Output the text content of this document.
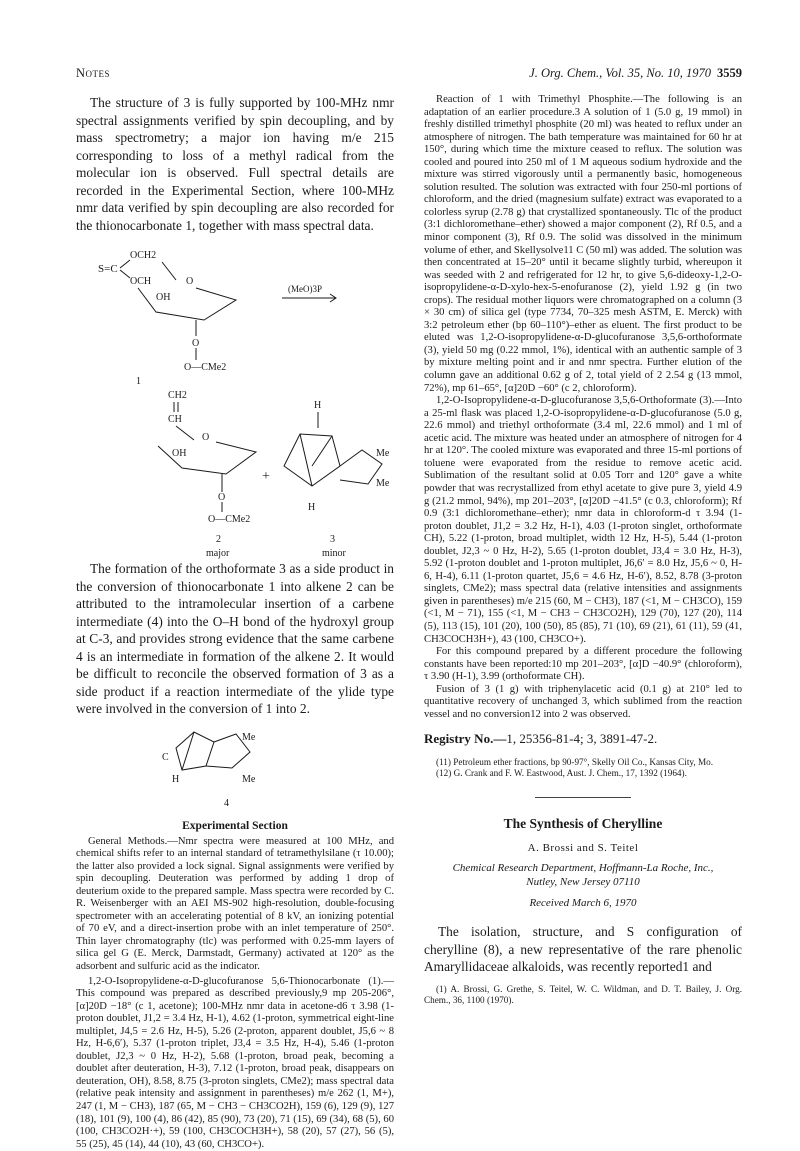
Notes	J. Org. Chem., Vol. 35, No. 10, 1970 3559

The structure of 3 is fully supported by 100-MHz nmr spectral assignments verified by spin decoupling, and by mass spectrometry; a major ion having m/e 215 corresponding to loss of a methyl radical from the molecular ion is observed. Full spectral details are recorded in the Experimental Section, where 100-MHz nmr data verified by spin decoupling are also recorded for the thionocarbonate 1, together with mass spectral data.

S=C
OCH2
OCH	O
OH
O
O—CMe2
1
(MeO)3P
CH2
CH
O
OH
O
O—CMe2
+
2
major
H
Me
Me
H
3
minor

The formation of the orthoformate 3 as a side product in the conversion of thionocarbonate 1 into alkene 2 can be attributed to the intramolecular insertion of a carbene intermediate (4) into the O–H bond of the hydroxyl group at C-3, and provides strong evidence that the same carbene 4 is an intermediate in formation of the alkene 2. It would be difficult to reconcile the observed formation of 3 as a side product if a reaction intermediate of the ylide type were involved in the conversion of 1 into 2.

Me
Me
C
H
4

Experimental Section

General Methods.—Nmr spectra were measured at 100 MHz, and chemical shifts refer to an internal standard of tetramethylsilane (τ 10.00); the latter also provided a lock signal. Signal assignments were verified by spin decoupling. Deuteration was performed by adding 1 drop of deuterium oxide to the prepared sample. Mass spectra were recorded by C. R. Weisenberger with an AEI MS-902 high-resolution, double-focusing spectrometer with an accelerating potential of 8 kV, an ionizing potential of 70 eV, and a direct-insertion probe with an inlet temperature of 250°. Thin layer chromatography (tlc) was performed with 0.25-mm layers of silica gel G (E. Merck, Darmstadt, Germany) activated at 120° as the adsorbent and sulfuric acid as the indicator.

1,2-O-Isopropylidene-α-D-glucofuranose 5,6-Thionocarbonate (1).—This compound was prepared as described previously,9 mp 205-206°, [α]20D −18° (c 1, acetone); 100-MHz nmr data in acetone-d6 τ 3.98 (1-proton doublet, J1,2 = 3.4 Hz, H-1), 4.62 (1-proton, symmetrical eight-line multiplet, J4,5 = 2.6 Hz, H-5), 5.26 (2-proton, apparent doublet, J5,6 ~ 8 Hz, H-6,6′), 5.37 (1-proton triplet, J3,4 = 3.5 Hz, H-4), 5.46 (1-proton doublet, J2,3 ~ 0 Hz, H-2), 5.68 (1-proton, broad peak, becoming a doublet after deuteration, H-3), 7.12 (1-proton, broad peak, disappears on deuteration, OH), 8.58, 8.75 (3-proton singlets, CMe2); mass spectral data (relative peak intensity and assignment in parentheses) m/e 262 (1, M+), 247 (1, M − CH3), 187 (65, M − CH3 − CH3CO2H), 159 (6), 129 (9), 127 (18), 101 (9), 100 (4), 86 (42), 85 (90), 73 (20), 71 (15), 69 (34), 68 (5), 60 (100, CH3CO2H·+), 59 (100, CH3COCH3H+), 58 (20), 57 (27), 56 (5), 55 (25), 45 (14), 44 (10), 43 (60, CH3CO+).

Reaction of 1 with Trimethyl Phosphite.—The following is an adaptation of an earlier procedure.3 A solution of 1 (5.0 g, 19 mmol) in freshly distilled trimethyl phosphite (20 ml) was heated to reflux under an atmosphere of nitrogen. The bath temperature was maintained for 60 hr at 150°, during which time the mixture ceased to reflux. The solution was cooled and poured into 250 ml of 1 M aqueous sodium hydroxide and the mixture was stirred vigorously until a permanently basic, homogeneous solution resulted. The solution was extracted with four 250-ml portions of chloroform, and the dried (magnesium sulfate) extract was evaporated to a colorless syrup (2.78 g) that crystallized spontaneously. Tlc of the product (3:1 dichloromethane–ether) showed a major component (2), Rf 0.5, and a minor component (3), Rf 0.9. The solid was dissolved in the minimum volume of ether, and Skellysolve11 C (50 ml) was added. The solution was then concentrated at 15–20° until it became slightly turbid, whereupon it was seeded with 2 and refrigerated for 12 hr, to give 5,6-dideoxy-1,2-O-isopropylidene-α-D-xylo-hex-5-enofuranose (2), yield 1.92 g (in two crops). The residual mother liquors were chromatographed on a column (3 × 30 cm) of silica gel (type 7734, 70–325 mesh ASTM, E. Merck) with 3:2 petroleum ether (bp 60–110°)–ether as eluent. The first product to be eluted was 1,2-O-isopropylidene-α-D-glucofuranose 3,5,6-orthoformate (3), yield 50 mg (0.22 mmol, 1%), identical with an authentic sample of 3 by mixture melting point and ir and nmr spectra. Further elution of the column gave an additional 0.62 g of 2, total yield of 2 2.54 g (13 mmol, 72%), mp 61–65°, [α]20D −60° (c 2, chloroform).

1,2-O-Isopropylidene-α-D-glucofuranose 3,5,6-Orthoformate (3).—Into a 25-ml flask was placed 1,2-O-isopropylidene-α-D-glucofuranose (5.0 g, 22.6 mmol) and triethyl orthoformate (3.4 ml, 22.6 mmol) and 1 ml of acetic acid. The mixture was heated under an atmosphere of nitrogen for 4 hr at 120°. The cooled mixture was evaporated and three 15-ml portions of toluene were evaporated from the residue to remove acetic acid. Sublimation of the resultant solid at 0.05 Torr and 120° gave a white powder that was recrystallized from ethyl acetate to give pure 3, yield 4.9 g (21.2 mmol, 94%), mp 201–203°, [α]20D −41.5° (c 0.3, chloroform); Rf 0.9 (3:1 dichloromethane–ether); nmr data in chloroform-d τ 3.94 (1-proton doublet, J1,2 = 3.2 Hz, H-1), 4.03 (1-proton singlet, orthoformate CH), 5.22 (1-proton, broad multiplet, width 12 Hz, H-5), 5.44 (1-proton doublet, J2,3 ~ 0 Hz, H-2), 5.65 (1-proton doublet, J3,4 = 3.0 Hz, H-3), 5.92 (1-proton doublet and 1-proton multiplet, J6,6′ = 8.0 Hz, J5,6 ~ 0, H-6, H-4), 6.11 (1-proton quartet, J5,6 = 4.6 Hz, H-6′), 8.52, 8.78 (3-proton singlets, CMe2); mass spectral data (relative intensities and assignments given in parentheses) m/e 215 (60, M − CH3), 187 (<1, M − CH3CO), 159 (<1, M − 71), 155 (<1, M − CH3 − CH3CO2H), 129 (70), 127 (20), 114 (5), 113 (15), 101 (20), 100 (50), 85 (85), 71 (10), 69 (21), 61 (11), 59 (41, CH3COCH3H+), 43 (100, CH3CO+).

For this compound prepared by a different procedure the following constants have been reported:10 mp 201–203°, [α]D −40.9° (chloroform), τ 3.90 (H-1), 3.99 (orthoformate CH).

Fusion of 3 (1 g) with triphenylacetic acid (0.1 g) at 210° led to quantitative recovery of unchanged 3, which sublimed from the reaction vessel and no conversion12 into 2 was observed.

Registry No.—1, 25356-81-4; 3, 3891-47-2.

(11) Petroleum ether fractions, bp 90-97°, Skelly Oil Co., Kansas City, Mo.

(12) G. Crank and F. W. Eastwood, Aust. J. Chem., 17, 1392 (1964).

The Synthesis of Cherylline

A. Brossi and S. Teitel

Chemical Research Department, Hoffmann-La Roche, Inc., Nutley, New Jersey 07110

Received March 6, 1970

The isolation, structure, and S configuration of cherylline (8), a new representative of the rare phenolic Amaryllidaceae alkaloids, was recently reported1 and

(1) A. Brossi, G. Grethe, S. Teitel, W. C. Wildman, and D. T. Bailey, J. Org. Chem., 36, 1100 (1970).
